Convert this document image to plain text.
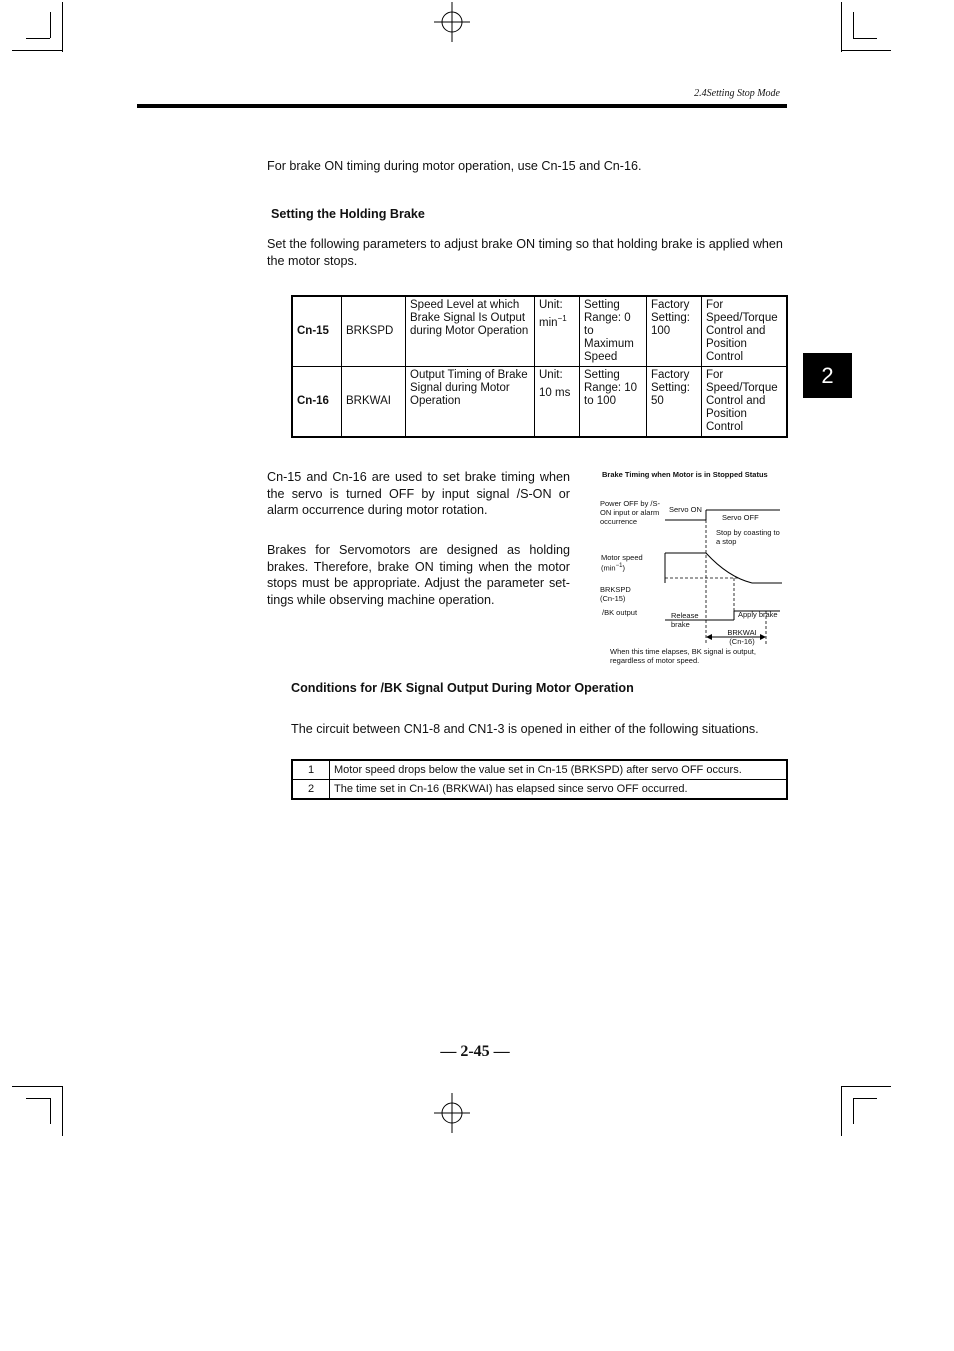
2.4Setting Stop Mode
2
For brake ON timing during motor operation, use Cn-15 and Cn-16.
Setting the Holding Brake
Set the following parameters to adjust brake ON timing so that holding brake is applied when the motor stops.
Cn-15	BRKSPD	Speed Level at which Brake Signal Is Output during Motor Operation	Unit: $\min^{-1}$	Setting Range: 0 to Maximum Speed	Factory Setting: 100	For Speed/Torque Control and Position Control
Cn-16	BRKWAI	Output Timing of Brake Signal during Motor Operation	Unit: 10 ms	Setting Range: 10 to 100	Factory Setting: 50	For Speed/Torque Control and Position Control
Cn-15 and Cn-16 are used to set brake timing when the servo is turned OFF by input signal /S-ON or alarm occurrence during motor rotation.
Brakes for Servomotors are designed as holding brakes. Therefore, brake ON timing when the motor stops must be appropriate. Adjust the parameter set- tings while observing machine operation.
Brake Timing when Motor is in Stopped Status
Power OFF by /S-ON input or alarm occurrence
Servo ON
Servo OFF
Stop by coasting to a stop
Motor speed $(\min^{-1})$
BRKSPD (Cn-15)
/BK output	Release brake
Apply brake
BRKWAI (Cn-16)
When this time elapses, BK signal is output, regardless of motor speed.
Conditions for /BK Signal Output During Motor Operation
The circuit between CN1-8 and CN1-3 is opened in either of the following situations.
1	Motor speed drops below the value set in Cn-15 (BRKSPD) after servo OFF occurs.
2	The time set in Cn-16 (BRKWAI) has elapsed since servo OFF occurred.
— 2-45 —
